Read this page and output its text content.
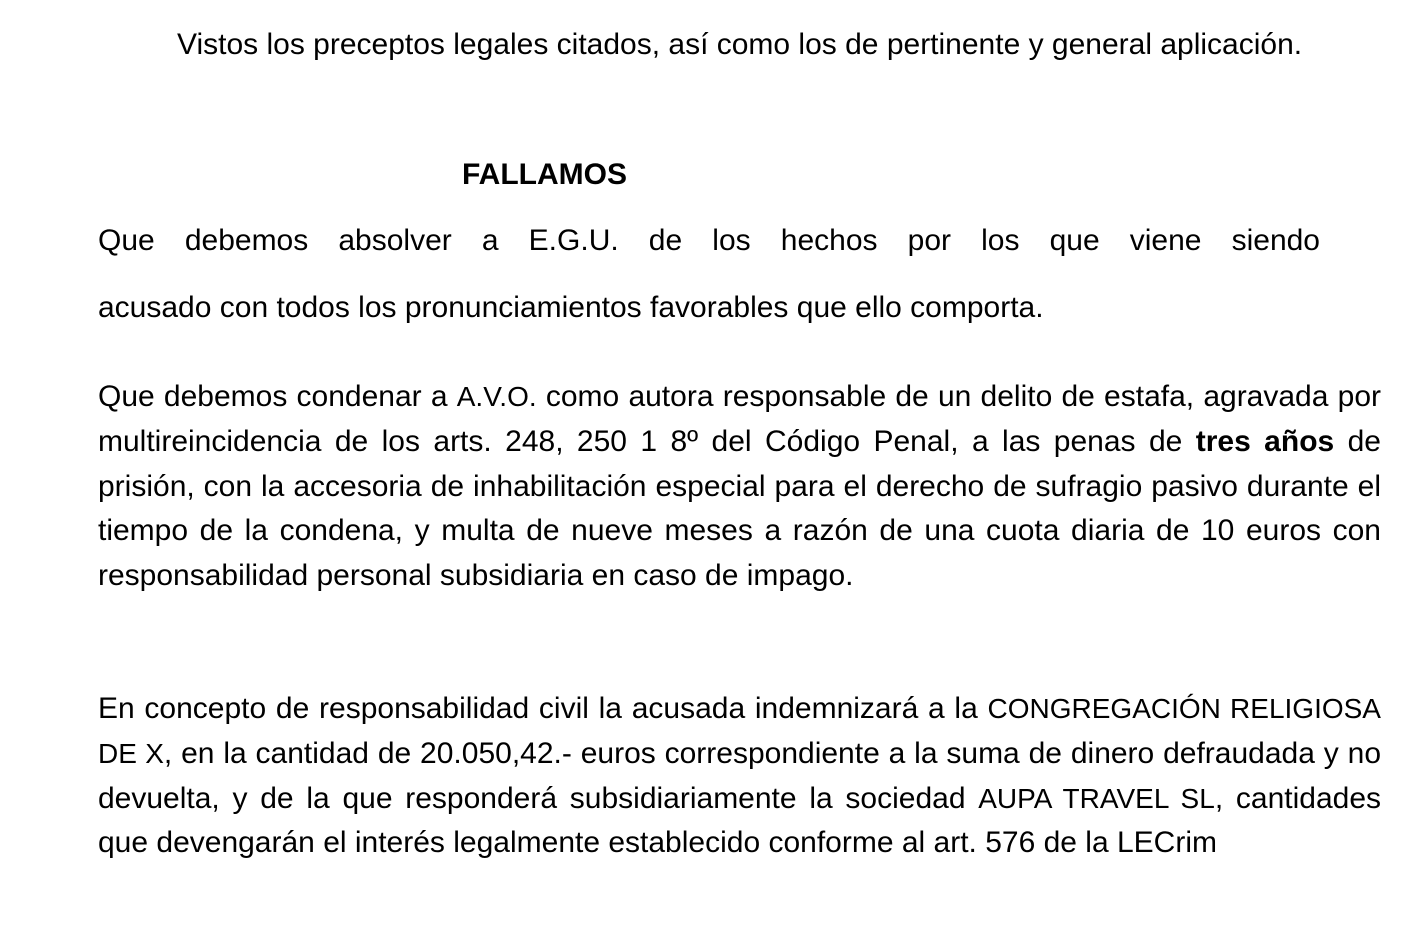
Vistos los preceptos legales citados, así como los de pertinente y general aplicación.

FALLAMOS

Que debemos absolver a E.G.U. de los hechos por los que viene siendo

acusado con todos los pronunciamientos favorables que ello comporta.

Que debemos condenar a A.V.O. como autora responsable de un delito de estafa, agravada por multireincidencia de los arts. 248, 250 1 8º del Código Penal, a las penas de tres años de prisión, con la accesoria de inhabilitación especial para el derecho de sufragio pasivo durante el tiempo de la condena, y multa de nueve meses a razón de una cuota diaria de 10 euros con responsabilidad personal subsidiaria en caso de impago.

En concepto de responsabilidad civil la acusada indemnizará a la CONGREGACIÓN RELIGIOSA DE X, en la cantidad de 20.050,42.- euros correspondiente a la suma de dinero defraudada y no devuelta, y de la que responderá subsidiariamente la sociedad AUPA TRAVEL SL, cantidades que devengarán el interés legalmente establecido conforme al art. 576 de la LECrim
